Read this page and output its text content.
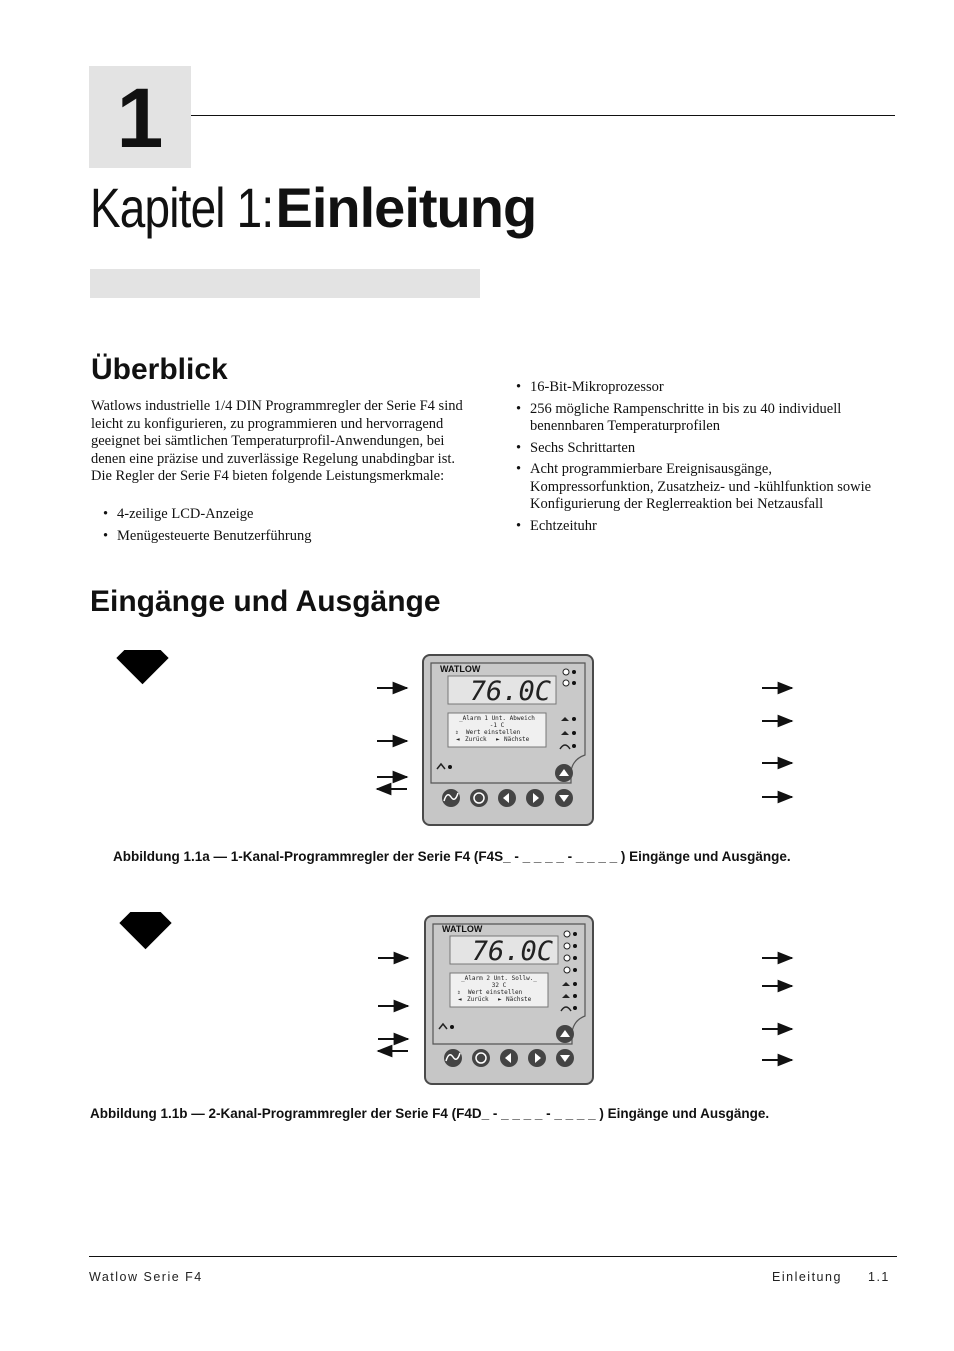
1
Kapitel 1:Einleitung
Überblick
Watlows industrielle 1/4 DIN Programmregler der Serie F4 sind leicht zu konfigurieren, zu programmieren und hervorragend geeignet bei sämtlichen Temperaturprofil-Anwendungen, bei denen eine präzise und zuverlässige Regelung unabdingbar ist. Die Regler der Serie F4 bieten folgende Leistungsmerkmale:
• 4-zeilige LCD-Anzeige
• Menügesteuerte Benutzerführung
• 16-Bit-Mikroprozessor
• 256 mögliche Rampenschritte in bis zu 40 individuell benennbaren Temperaturprofilen
• Sechs Schrittarten
• Acht programmierbare Ereignisausgänge, Kompressorfunktion, Zusatzheiz- und -kühlfunktion sowie Konfigurierung der Reglerreaktion bei Netzausfall
• Echtzeituhr
Eingänge und Ausgänge
WATLOW
76.0C
_Alarm 1 Unt. Abweich
-1 C
⇕ Wert einstellen
◄ Zurück ► Nächste
Abbildung 1.1a — 1-Kanal-Programmregler der Serie F4 (F4S_ - _ _ _ _ - _ _ _ _ ) Eingänge und Ausgänge.
WATLOW
76.0C
_Alarm 2 Unt. Sollw._
32 C
⇕ Wert einstellen
◄ Zurück ► Nächste
Abbildung 1.1b — 2-Kanal-Programmregler der Serie F4 (F4D_ - _ _ _ _ - _ _ _ _ ) Eingänge und Ausgänge.
Watlow Serie F4	Einleitung 1.1
